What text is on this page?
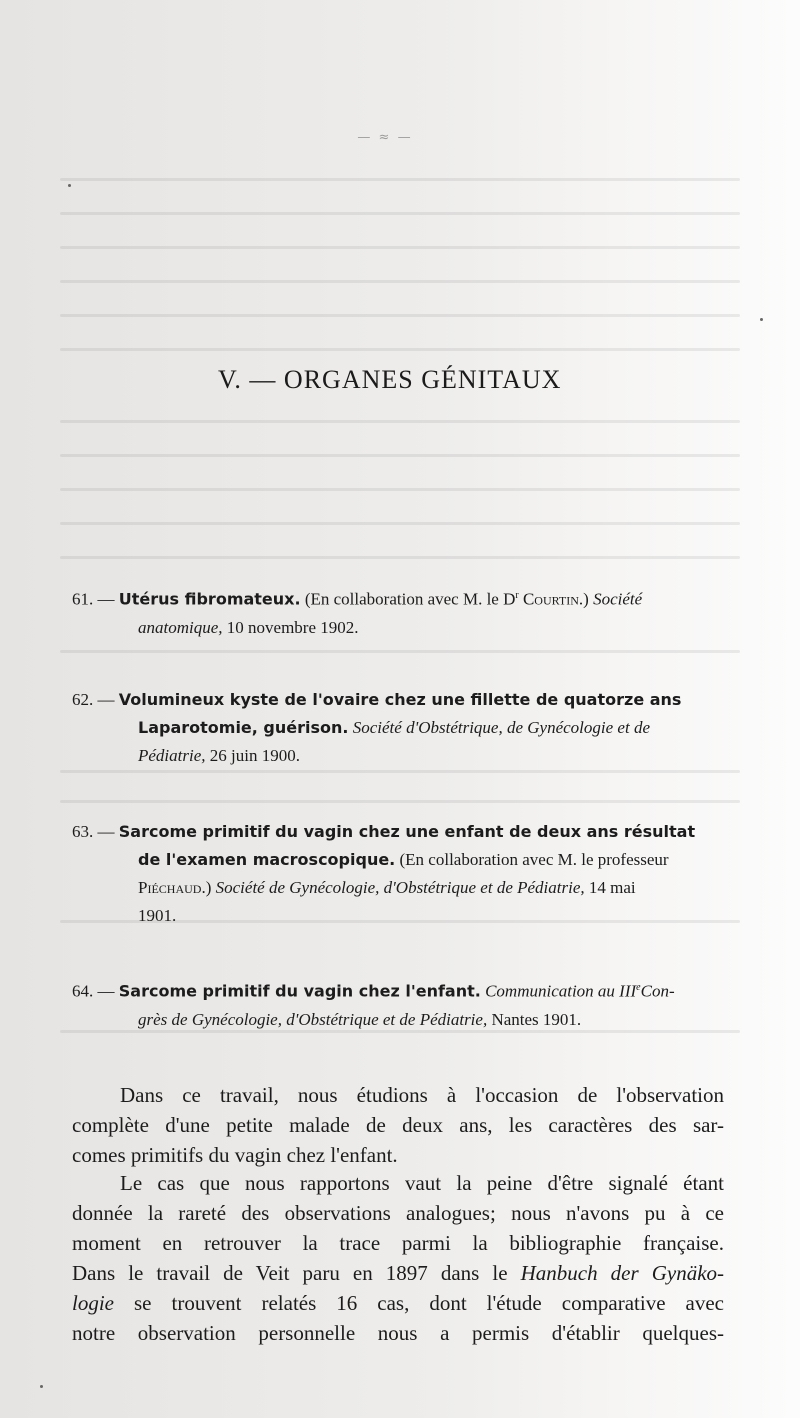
— ≈ —
V. — ORGANES GÉNITAUX
61. — Utérus fibromateux. (En collaboration avec M. le $D^r$ Courtin.) Société
anatomique, 10 novembre 1902.
62. — Volumineux kyste de l'ovaire chez une fillette de quatorze ans
Laparotomie, guérison. Société d'Obstétrique, de Gynécologie et de
Pédiatrie, 26 juin 1900.
63. — Sarcome primitif du vagin chez une enfant de deux ans résultat
de l'examen macroscopique. (En collaboration avec M. le professeur
Piéchaud.) Société de Gynécologie, d'Obstétrique et de Pédiatrie, 14 mai
1901.
64. — Sarcome primitif du vagin chez l'enfant. Communication au IIIeCon-
grès de Gynécologie, d'Obstétrique et de Pédiatrie, Nantes 1901.
Dans ce travail, nous étudions à l'occasion de l'observation
complète d'une petite malade de deux ans, les caractères des sar-
comes primitifs du vagin chez l'enfant.
Le cas que nous rapportons vaut la peine d'être signalé étant
donnée la rareté des observations analogues; nous n'avons pu à ce
moment en retrouver la trace parmi la bibliographie française.
Dans le travail de Veit paru en 1897 dans le Hanbuch der Gynäko-
logie se trouvent relatés 16 cas, dont l'étude comparative avec
notre observation personnelle nous a permis d'établir quelques-
